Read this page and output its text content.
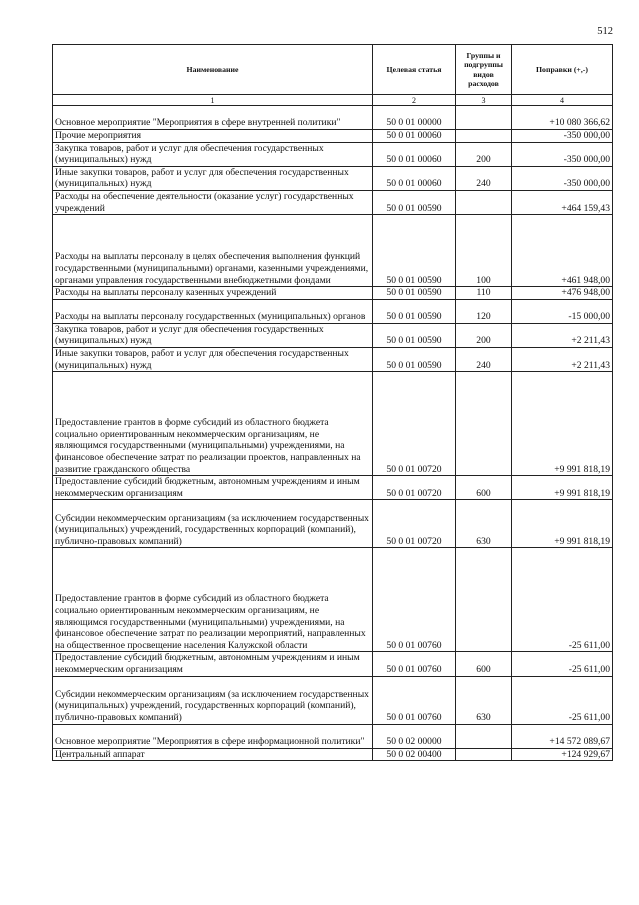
512
Наименование	Целевая статья	Группы и подгруппы видов расходов	Поправки (+,-)
1	2	3	4
Основное мероприятие "Мероприятия в сфере внутренней политики"	50 0 01 00000		+10 080 366,62
Прочие мероприятия	50 0 01 00060		-350 000,00
Закупка товаров, работ и услуг для обеспечения государственных (муниципальных) нужд	50 0 01 00060	200	-350 000,00
Иные закупки товаров, работ и услуг для обеспечения государственных (муниципальных) нужд	50 0 01 00060	240	-350 000,00
Расходы на обеспечение деятельности (оказание услуг) государственных учреждений	50 0 01 00590		+464 159,43
Расходы на выплаты персоналу в целях обеспечения выполнения функций государственными (муниципальными) органами, казенными учреждениями, органами управления государственными внебюджетными фондами	50 0 01 00590	100	+461 948,00
Расходы на выплаты персоналу казенных учреждений	50 0 01 00590	110	+476 948,00
Расходы на выплаты персоналу государственных (муниципальных) органов	50 0 01 00590	120	-15 000,00
Закупка товаров, работ и услуг для обеспечения государственных (муниципальных) нужд	50 0 01 00590	200	+2 211,43
Иные закупки товаров, работ и услуг для обеспечения государственных (муниципальных) нужд	50 0 01 00590	240	+2 211,43
Предоставление грантов в форме субсидий из областного бюджета социально ориентированным некоммерческим организациям, не являющимся государственными (муниципальными) учреждениями, на финансовое обеспечение затрат по реализации проектов, направленных на развитие гражданского общества	50 0 01 00720		+9 991 818,19
Предоставление субсидий бюджетным, автономным учреждениям и иным некоммерческим организациям	50 0 01 00720	600	+9 991 818,19
Субсидии некоммерческим организациям (за исключением государственных (муниципальных) учреждений, государственных корпораций (компаний), публично-правовых компаний)	50 0 01 00720	630	+9 991 818,19
Предоставление грантов в форме субсидий из областного бюджета социально ориентированным некоммерческим организациям, не являющимся государственными (муниципальными) учреждениями, на финансовое обеспечение затрат по реализации мероприятий, направленных на общественное просвещение населения Калужской области	50 0 01 00760		-25 611,00
Предоставление субсидий бюджетным, автономным учреждениям и иным некоммерческим организациям	50 0 01 00760	600	-25 611,00
Субсидии некоммерческим организациям (за исключением государственных (муниципальных) учреждений, государственных корпораций (компаний), публично-правовых компаний)	50 0 01 00760	630	-25 611,00
Основное мероприятие "Мероприятия в сфере информационной политики"	50 0 02 00000		+14 572 089,67
Центральный аппарат	50 0 02 00400		+124 929,67
